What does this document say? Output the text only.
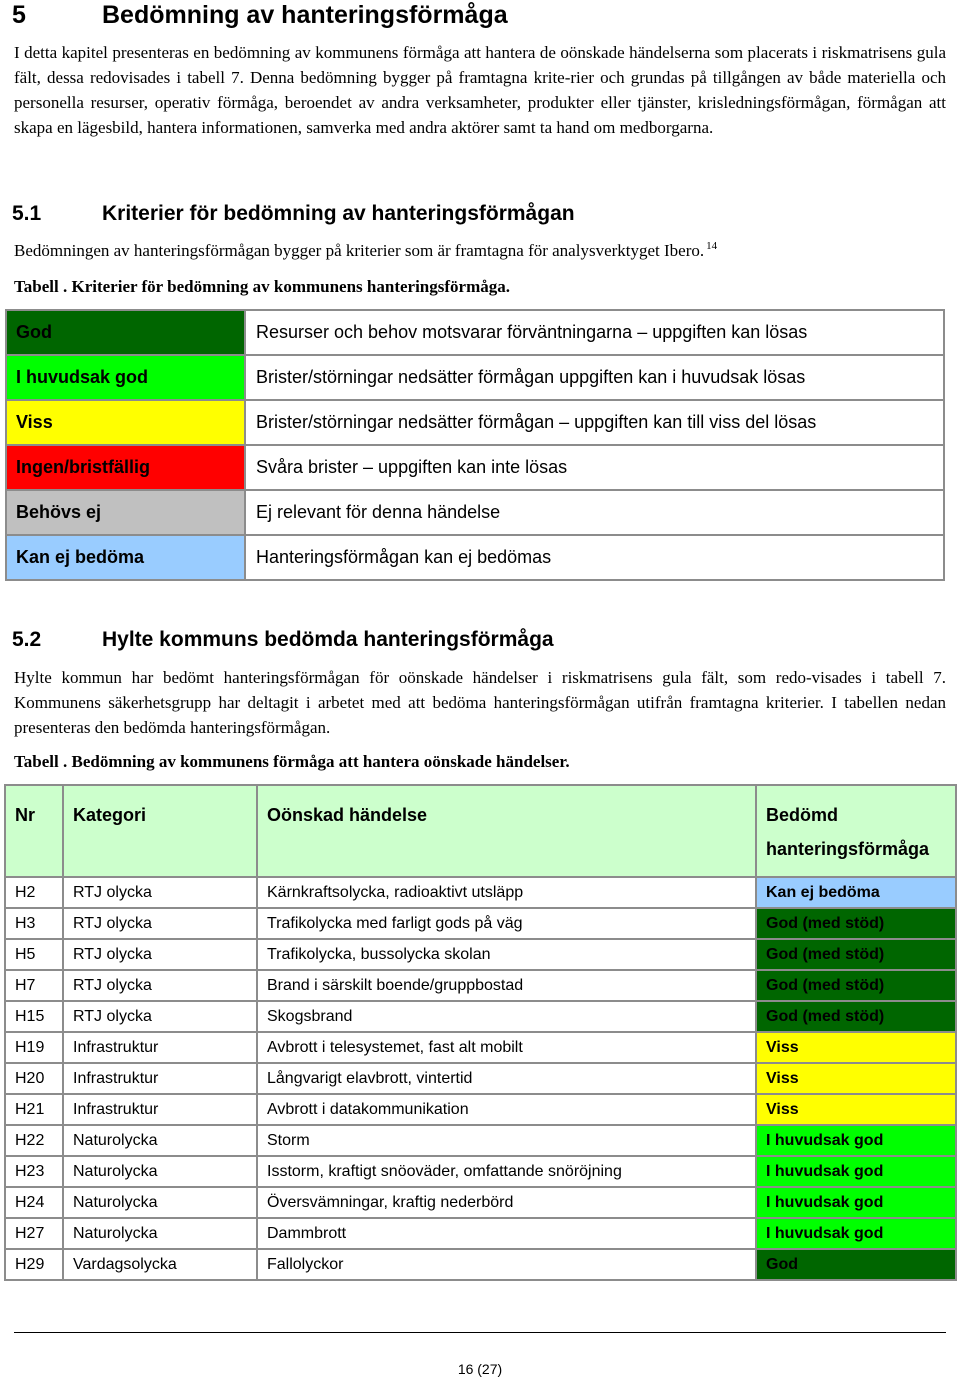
5	Bedömning av hanteringsförmåga

I detta kapitel presenteras en bedömning av kommunens förmåga att hantera de oönskade händelserna som placerats i riskmatrisens gula fält, dessa redovisades i tabell 7. Denna bedömning bygger på framtagna krite-rier och grundas på tillgången av både materiella och personella resurser, operativ förmåga, beroendet av andra verksamheter, produkter eller tjänster, krisledningsförmågan, förmågan att skapa en lägesbild, hantera informationen, samverka med andra aktörer samt ta hand om medborgarna.

5.1	Kriterier för bedömning av hanteringsförmågan

Bedömningen av hanteringsförmågan bygger på kriterier som är framtagna för analysverktyget Ibero. $^{14}$

Tabell . Kriterier för bedömning av kommunens hanteringsförmåga.

God	Resurser och behov motsvarar förväntningarna – uppgiften kan lösas
I huvudsak god	Brister/störningar nedsätter förmågan uppgiften kan i huvudsak lösas
Viss	Brister/störningar nedsätter förmågan – uppgiften kan till viss del lösas
Ingen/bristfällig	Svåra brister – uppgiften kan inte lösas
Behövs ej	Ej relevant för denna händelse
Kan ej bedöma	Hanteringsförmågan kan ej bedömas
5.2	Hylte kommuns bedömda hanteringsförmåga

Hylte kommun har bedömt hanteringsförmågan för oönskade händelser i riskmatrisens gula fält, som redo-visades i tabell 7. Kommunens säkerhetsgrupp har deltagit i arbetet med att bedöma hanteringsförmågan utifrån framtagna kriterier. I tabellen nedan presenteras den bedömda hanteringsförmågan.

Tabell . Bedömning av kommunens förmåga att hantera oönskade händelser.

Nr	Kategori	Oönskad händelse	Bedömd hanteringsförmåga
H2	RTJ olycka	Kärnkraftsolycka, radioaktivt utsläpp	Kan ej bedöma
H3	RTJ olycka	Trafikolycka med farligt gods på väg	God (med stöd)
H5	RTJ olycka	Trafikolycka, bussolycka skolan	God (med stöd)
H7	RTJ olycka	Brand i särskilt boende/gruppbostad	God (med stöd)
H15	RTJ olycka	Skogsbrand	God (med stöd)
H19	Infrastruktur	Avbrott i telesystemet, fast alt mobilt	Viss
H20	Infrastruktur	Långvarigt elavbrott, vintertid	Viss
H21	Infrastruktur	Avbrott i datakommunikation	Viss
H22	Naturolycka	Storm	I huvudsak god
H23	Naturolycka	Isstorm, kraftigt snöoväder, omfattande snöröjning	I huvudsak god
H24	Naturolycka	Översvämningar, kraftig nederbörd	I huvudsak god
H27	Naturolycka	Dammbrott	I huvudsak god
H29	Vardagsolycka	Fallolyckor	God
16 (27)
